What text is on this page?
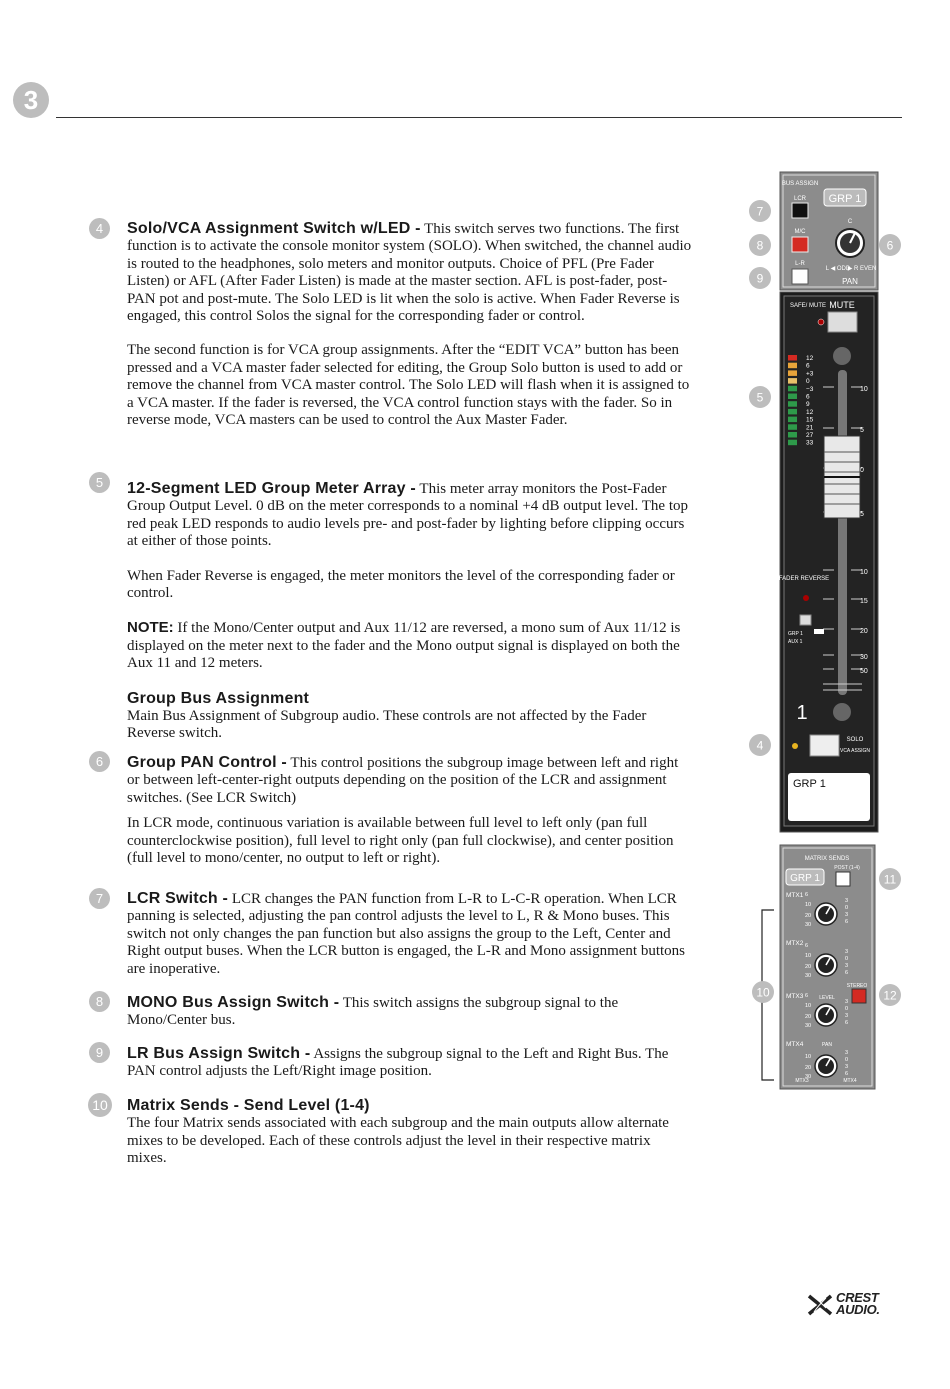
3
4
5
6
7
8
9
10

Solo/VCA Assignment Switch w/LED - This switch serves two functions. The first function is to activate the console monitor system (SOLO). When switched, the channel audio is routed to the headphones, solo meters and monitor outputs. Choice of PFL (Pre Fader Listen) or AFL (After Fader Listen) is made at the master section. AFL is post-fader, post-PAN pot and post-mute. The Solo LED is lit when the solo is active. When Fader Reverse is engaged, this control Solos the signal for the corresponding fader or control.

The second function is for VCA group assignments. After the “EDIT VCA” button has been pressed and a VCA master fader selected for editing, the Group Solo button is used to add or remove the channel from VCA master control. The Solo LED will flash when it is assigned to a VCA master. If the fader is reversed, the VCA control function stays with the fader. So in reverse mode, VCA masters can be used to control the Aux Master Fader.

12-Segment LED Group Meter Array - This meter array monitors the Post-Fader Group Output Level. 0 dB on the meter corresponds to a nominal +4 dB output level. The top red peak LED responds to audio levels pre- and post-fader by lighting before clipping occurs at either of those points.

When Fader Reverse is engaged, the meter monitors the level of the corresponding fader or control.

NOTE: If the Mono/Center output and Aux 11/12 are reversed, a mono sum of Aux 11/12 is displayed on the meter next to the fader and the Mono output signal is displayed on both the Aux 11 and 12 meters.

Group Bus Assignment
Main Bus Assignment of Subgroup audio. These controls are not affected by the Fader Reverse switch.

Group PAN Control - This control positions the subgroup image between left and right or between left-center-right outputs depending on the position of the LCR and assignment switches. (See LCR Switch)

In LCR mode, continuous variation is available between full level to left only (pan full counterclockwise position), full level to right only (pan full clockwise), and center position (full level to mono/center, no output to left or right).

LCR Switch - LCR changes the PAN function from L-R to L-C-R operation. When LCR panning is selected, adjusting the pan control adjusts the level to L, R & Mono buses. This switch not only changes the pan function but also assigns the group to the Left, Center and Right output buses. When the LCR button is engaged, the L-R and Mono assignment buttons are inoperative.

MONO Bus Assign Switch - This switch assigns the subgroup signal to the Mono/Center bus.

LR Bus Assign Switch - Assigns the subgroup signal to the Left and Right Bus. The PAN control adjusts the Left/Right image position.

Matrix Sends - Send Level (1-4)
The four Matrix sends associated with each subgroup and the main outputs allow alternate mixes to be developed. Each of these controls adjust the level in their respective matrix mixes.

BUS ASSIGN
LCR GRP 1
M/C
L-R
C
L ◀ ODD
▶ R EVEN
PAN
SAFE/ MUTE MUTE
12
6
+3
0
−3
6
9
12
15
21
27
33
10
5
0
5
10
15
20
30
50
FADER REVERSE
GRP 1
AUX 1
1
SOLO
VCA ASSIGN
GRP 1
MATRIX SENDS
POST (1-4)
GRP 1
MTX1 6
10
20
30
3
0
3
6
MTX2 6
10
20
30
3
0
3
6
MTX3 6
10
20
30
3
0
3
6
MTX4
10
20
30
3
0
3
6
LEVEL
STEREO
PAN
MTX3	MTX4
7
8	6
9
5
4
11
10	12
CREST
AUDIO.
